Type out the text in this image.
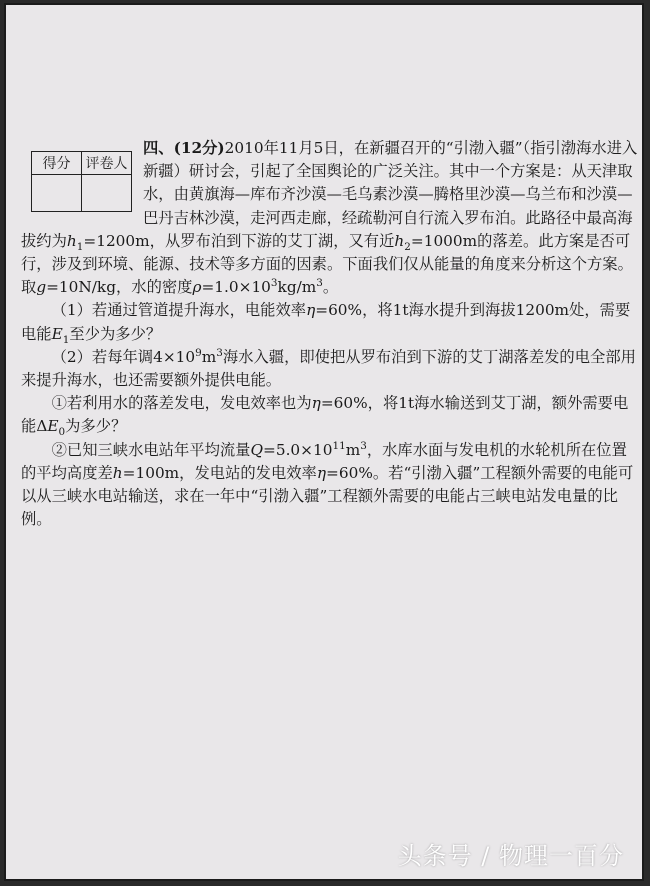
得分	评卷人

四、(12分)2010年11月5日，在新疆召开的“引渤入疆”（指引渤海水进入新疆）研讨会，引起了全国舆论的广泛关注。其中一个方案是：从天津取水，由黄旗海—库布齐沙漠—毛乌素沙漠—腾格里沙漠—乌兰布和沙漠—巴丹吉林沙漠，走河西走廊，经疏勒河自行流入罗布泊。此路径中最高海拔约为$h_1=1200m$，从罗布泊到下游的艾丁湖，又有近$h_2=1000m$的落差。此方案是否可行，涉及到环境、能源、技术等多方面的因素。下面我们仅从能量的角度来分析这个方案。取g=10N/kg，水的密度$\rho=1.0\times 10^3kg/m^3$。

（1）若通过管道提升海水，电能效率η=60%，将1t海水提升到海拔1200m处，需要电能$E_1$至少为多少？

（2）若每年调$4\times 10^9m^3$海水入疆，即使把从罗布泊到下游的艾丁湖落差发的电全部用来提升海水，也还需要额外提供电能。

①若利用水的落差发电，发电效率也为η=60%，将1t海水输送到艾丁湖，额外需要电能$\Delta E_0$为多少？

②已知三峡水电站年平均流量$Q=5.0\times 10^{11}m^3$，水库水面与发电机的水轮机所在位置的平均高度差h=100m，发电站的发电效率η=60%。若“引渤入疆”工程额外需要的电能可以从三峡水电站输送，求在一年中“引渤入疆”工程额外需要的电能占三峡电站发电量的比例。

头条号 / 物理一百分
